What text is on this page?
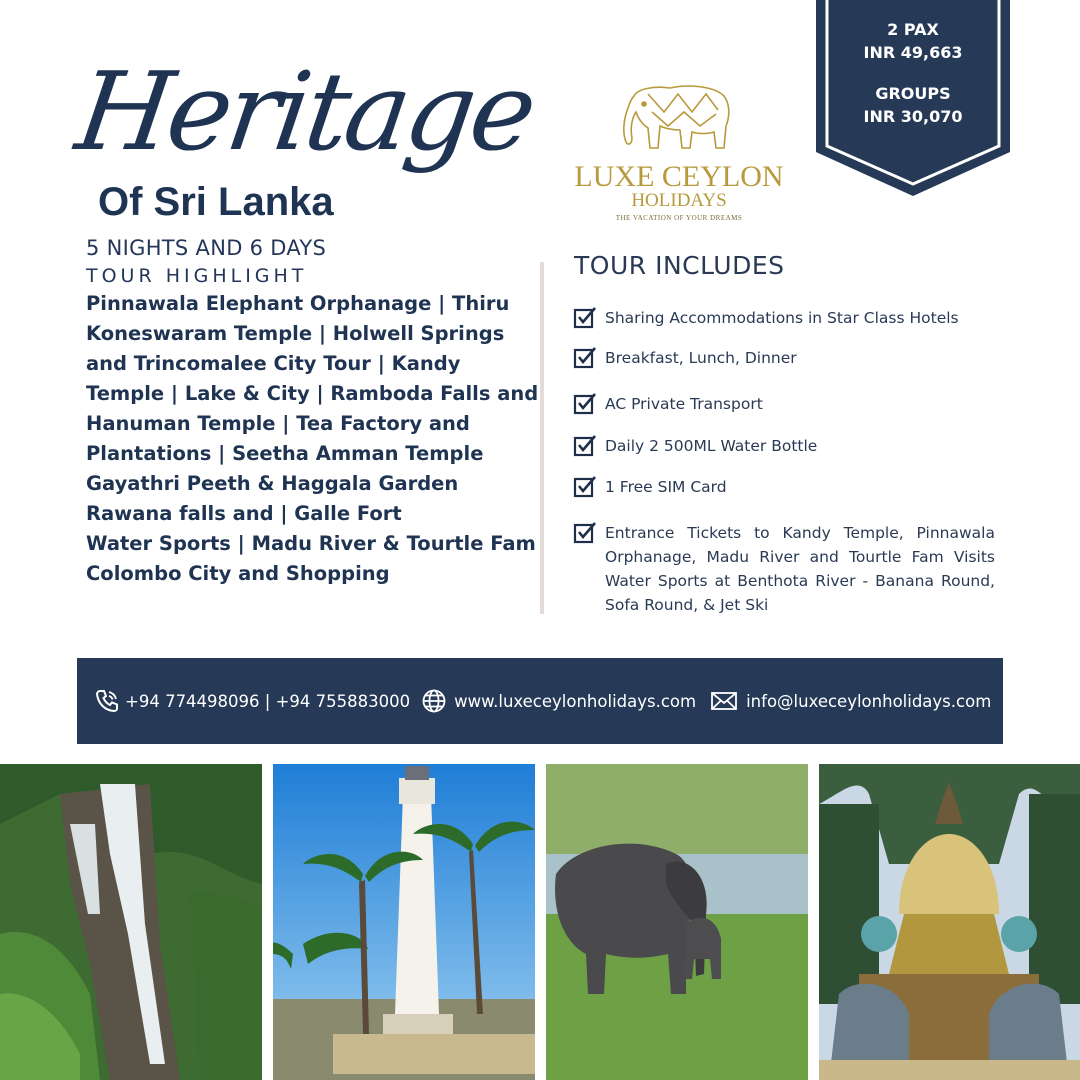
Heritage
Of Sri Lanka
5 NIGHTS AND 6 DAYS
TOUR HIGHLIGHT
Pinnawala Elephant Orphanage | Thiru
Koneswaram Temple | Holwell Springs
and Trincomalee City Tour | Kandy
Temple | Lake & City | Ramboda Falls and
Hanuman Temple | Tea Factory and
Plantations | Seetha Amman Temple
Gayathri Peeth & Haggala Garden
Rawana falls and | Galle Fort
Water Sports | Madu River & Tourtle Fam
Colombo City and Shopping
LUXE CEYLON
HOLIDAYS
THE VACATION OF YOUR DREAMS
2 PAX
INR 49,663
GROUPS
INR 30,070
TOUR INCLUDES
Sharing Accommodations in Star Class Hotels
Breakfast, Lunch, Dinner
AC Private Transport
Daily 2 500ML Water Bottle
1 Free SIM Card
Entrance Tickets to Kandy Temple, Pinnawala Orphanage, Madu River and Tourtle Fam Visits Water Sports at Benthota River - Banana Round, Sofa Round, & Jet Ski
+94 774498096 | +94 755883000	www.luxeceylonholidays.com	info@luxeceylonholidays.com
